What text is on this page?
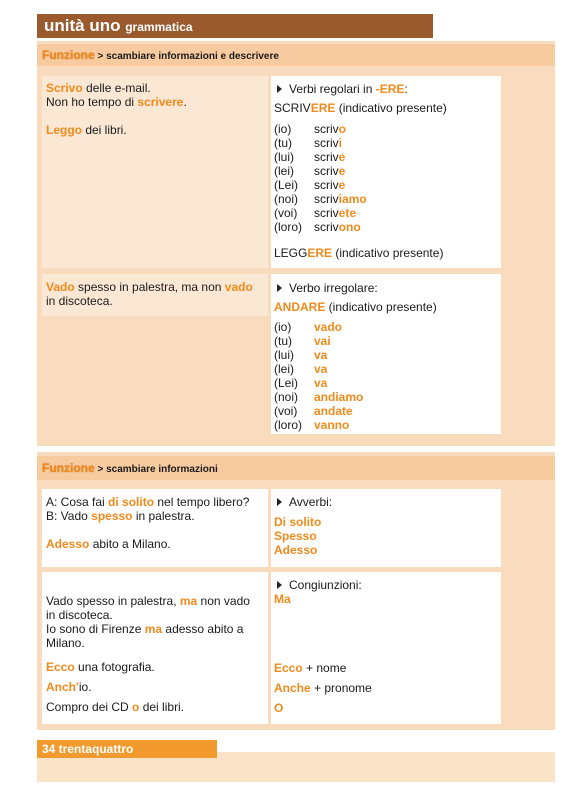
unità uno grammatica
Funzione > scambiare informazioni e descrivere
Scrivo delle e-mail.
Non ho tempo di scrivere.
Leggo dei libri.
Verbi regolari in -ERE:
SCRIVERE (indicativo presente)
(io) scrivo
(tu) scrivi
(lui) scrive
(lei) scrive
(Lei) scrive
(noi) scriviamo
(voi) scrivete
(loro) scrivono
LEGGERE (indicativo presente)
Vado spesso in palestra, ma non vado
in discoteca.
Verbo irregolare:
ANDARE (indicativo presente)
(io) vado
(tu) vai
(lui) va
(lei) va
(Lei) va
(noi) andiamo
(voi) andate
(loro) vanno
Funzione > scambiare informazioni
A: Cosa fai di solito nel tempo libero?
B: Vado spesso in palestra.
Adesso abito a Milano.
Avverbi:
Di solito
Spesso
Adesso
Vado spesso in palestra, ma non vado
in discoteca.
Io sono di Firenze ma adesso abito a
Milano.
Ecco una fotografia.
Anch'io.
Compro dei CD o dei libri.
Congiunzioni:
Ma
Ecco + nome
Anche + pronome
O
34 trentaquattro
